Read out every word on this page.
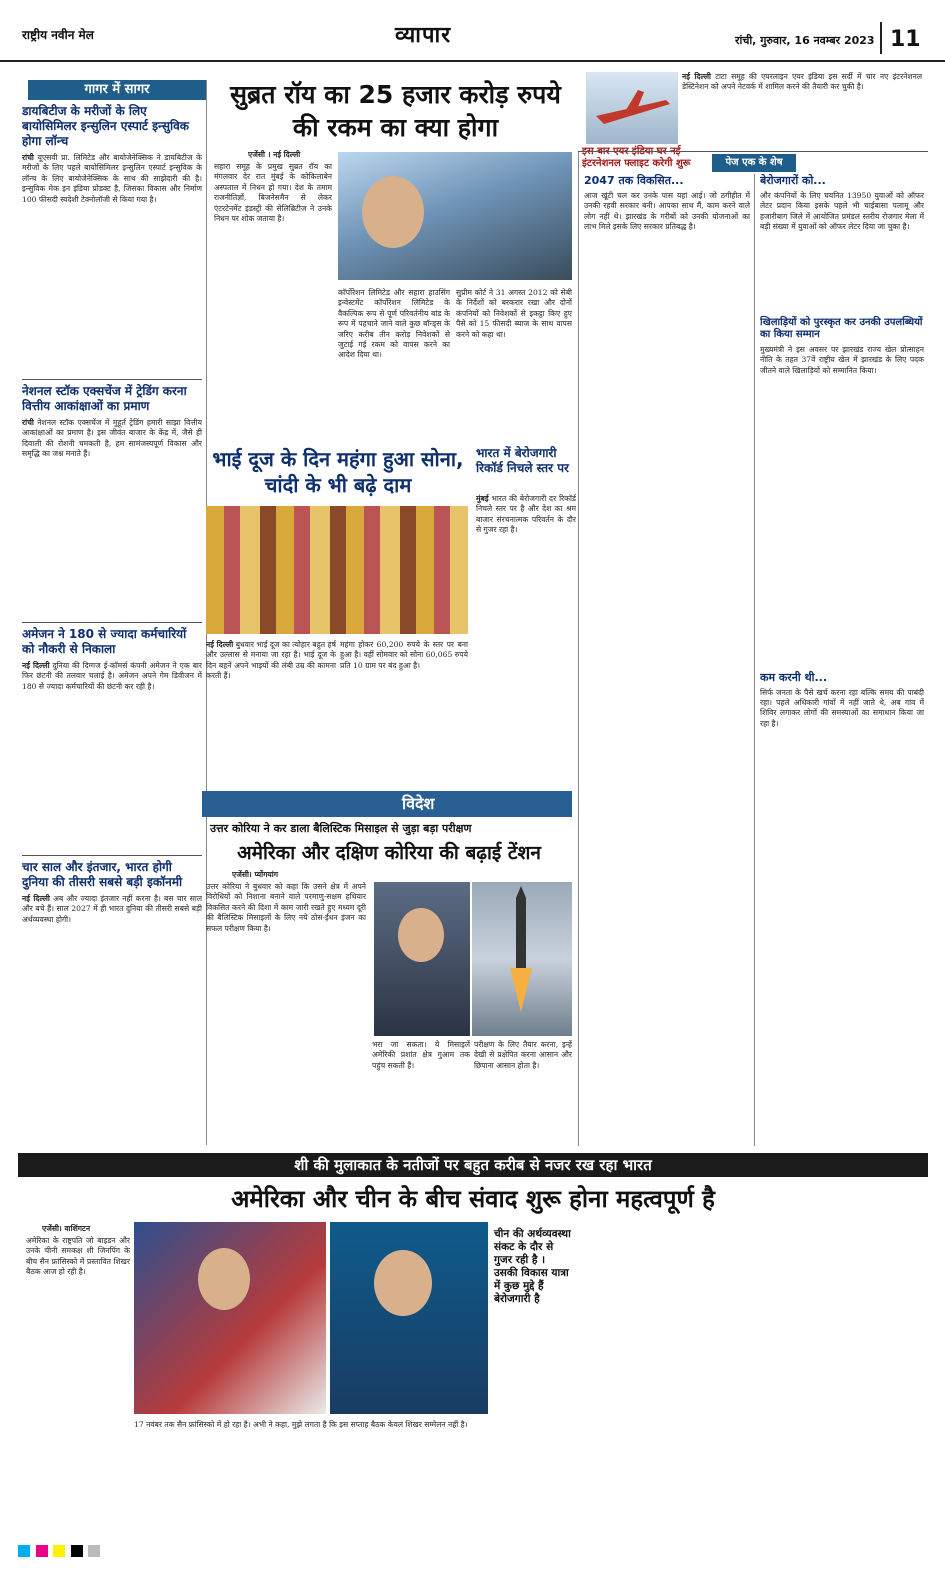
राष्ट्रीय नवीन मेल	व्यापार	रांची, गुरुवार, 16 नवम्बर 2023 11
गागर में सागर
डायबिटीज के मरीजों के लिए बायोसिमिलर इन्सुलिन एस्पार्ट इन्सुविक होगा लॉन्च
रांची यूएसवी प्रा. लिमिटेड और बायोजेनेक्सिक ने डायबिटीज के मरीजों के लिए पहले बायोसिमिलर इन्सुलिन एस्पार्ट इन्सुविक के लॉन्च के लिए बायोजेनेक्सिक के साथ की साझेदारी की है। इन्सुविक मेक इन इंडिया प्रोडक्ट है, जिसका विकास और निर्माण 100 फीसदी स्वदेशी टेक्नोलॉजी से किया गया है।
नेशनल स्टॉक एक्सचेंज में ट्रेडिंग करना वित्तीय आकांक्षाओं का प्रमाण
रांची नेशनल स्टॉक एक्सचेंज में मुहूर्त ट्रेडिंग हमारी साझा वित्तीय आकांक्षाओं का प्रमाण है। इस जीवंत बाजार के केंद्र में, जैसे ही दिवाली की रोशनी चमकती है, हम सामंजस्यपूर्ण विकास और समृद्धि का जश्न मनाते हैं।
अमेजन ने 180 से ज्यादा कर्मचारियों को नौकरी से निकाला
नई दिल्ली दुनिया की दिग्गज ई-कॉमर्स कंपनी अमेजन ने एक बार फिर छंटनी की तलवार चलाई है। अमेजन अपने गेम डिवीजन में 180 से ज्यादा कर्मचारियों की छंटनी कर रही है।
चार साल और इंतजार, भारत होगी दुनिया की तीसरी सबसे बड़ी इकॉनमी
नई दिल्ली अब और ज्यादा इंतजार नहीं करना है। बस चार साल और बचे हैं। साल 2027 में ही भारत दुनिया की तीसरी सबसे बड़ी अर्थव्यवस्था होगी।
सुब्रत रॉय का 25 हजार करोड़ रुपये की रकम का क्या होगा
एजेंसी । नई दिल्ली
सहारा समूह के प्रमुख सुब्रत रॉय का मंगलवार देर रात मुंबई के कोकिलाबेन अस्पताल में निधन हो गया। देश के तमाम राजनीतिज्ञों, बिजनेसमैन से लेकर एंटरटेनमेंट इंडस्ट्री की सेलिब्रिटीज ने उनके निधन पर शोक जताया है।
कॉर्पोरेशन लिमिटेड और सहारा हाउसिंग इन्वेस्टमेंट कॉर्पोरेशन लिमिटेड के वैकल्पिक रूप से पूर्ण परिवर्तनीय बांड के रूप में पहचाने जाने वाले कुछ बॉन्ड्स के जरिए करीब तीन करोड़ निवेशकों से जुटाई गई रकम को वापस करने का आदेश दिया था।
सुप्रीम कोर्ट ने 31 अगस्त 2012 को सेबी के निर्देशों को बरकरार रखा और दोनों कंपनियों को निवेशकों से इकट्ठा किए हुए पैसे को 15 फीसदी ब्याज के साथ वापस करने को कहा था।
इंटरनेशनल फ्लाइट करेगी शुरू
नई दिल्ली टाटा समूह की एयरलाइन एयर इंडिया इस सर्दी में चार नए इंटरनेशनल डेस्टिनेशन को अपने नेटवर्क में शामिल करने की तैयारी कर चुकी है।
भाई दूज के दिन महंगा हुआ सोना, चांदी के भी बढ़े दाम
नई दिल्ली बुधवार भाई दूज का त्योहार बहुत हर्ष और उल्लास से मनाया जा रहा है। भाई दूज के दिन बहनें अपने भाइयों की लंबी उम्र की कामना करती हैं।
महंगा होकर 60,200 रुपये के स्तर पर बना हुआ है। वहीं सोमवार को सोना 60,065 रुपये प्रति 10 ग्राम पर बंद हुआ है।
भारत में बेरोजगारी रिकॉर्ड निचले स्तर पर
मुंबई भारत की बेरोजगारी दर रिकॉर्ड निचले स्तर पर है और देश का श्रम बाजार संरचनात्मक परिवर्तन के दौर से गुजर रहा है।
विदेश
उत्तर कोरिया ने कर डाला बैलिस्टिक मिसाइल से जुड़ा बड़ा परीक्षण
अमेरिका और दक्षिण कोरिया की बढ़ाई टेंशन
एजेंसी। प्योंगयांग
उत्तर कोरिया ने बुधवार को कहा कि उसने क्षेत्र में अपने विरोधियों को निशाना बनाने वाले परमाणु-सक्षम हथियार विकसित करने की दिशा में काम जारी रखते हुए मध्यम दूरी की बैलिस्टिक मिसाइलों के लिए नये ठोस-ईंधन इंजन का सफल परीक्षण किया है।
भरा जा सकता। ये मिसाइलें अमेरिकी प्रशांत क्षेत्र गुआम तक पहुंच सकती हैं।
परीक्षण के लिए तैयार करना, इन्हें देखी से प्रक्षेपित करना आसान और छिपाना आसान होता है।
पेज एक के शेष
2047 तक विकसित...
आज खूंटी चल कर उनके पास यहां आई। जो ठगीहीत में उनकी रहवी सरकार बनी। आपका साथ मैं, काम करने वाले लोग नहीं थे। झारखंड के गरीबों को उनकी योजनाओं का लाभ मिले इसके लिए सरकार प्रतिबद्ध है।
बेरोजगारों को...
और कंपनियों के लिए चयनित 13950 युवाओं को ऑफर लेटर प्रदान किया इसके पहले भी चाईबासा पलामू और हजारीबाग जिले में आयोजित प्रमंडल स्तरीय रोजगार मेला में बड़ी संख्या में युवाओं को ऑफर लेटर दिया जा चुका है।
खिलाड़ियों को पुरस्कृत कर उनकी उपलब्धियों का किया सम्मान
मुख्यमंत्री ने इस अवसर पर झारखंड राज्य खेल प्रोत्साहन नीति के तहत 37वें राष्ट्रीय खेल में झारखंड के लिए पदक जीतने वाले खिलाड़ियों को सम्मानित किया।
कम करनी थी...
सिर्फ जनता के पैसे खर्च करना रहा बल्कि समय की पाबंदी रहा। पहले अधिकारी गांवों में नहीं जाते थे, अब गांव में शिविर लगाकर लोगों की समस्याओं का समाधान किया जा रहा है।
शी की मुलाकात के नतीजों पर बहुत करीब से नजर रख रहा भारत
अमेरिका और चीन के बीच संवाद शुरू होना महत्वपूर्ण है
एजेंसी। वाशिंगटन
अमेरिका के राष्ट्रपति जो बाइडन और उनके चीनी समकक्ष शी जिनपिंग के बीच सैन फ्रांसिस्को में प्रस्तावित शिखर बैठक आज हो रही है।
चीन की अर्थव्यवस्था संकट के दौर से गुजर रही है । उसकी विकास यात्रा में कुछ मुद्दे हैं बेरोजगारी है
17 नवंबर तक सैन फ्रांसिस्को में हो रहा है। अभी ने कहा, मुझे लगता है कि इस सप्ताह बैठक केवल शिखर सम्मेलन नहीं है।
